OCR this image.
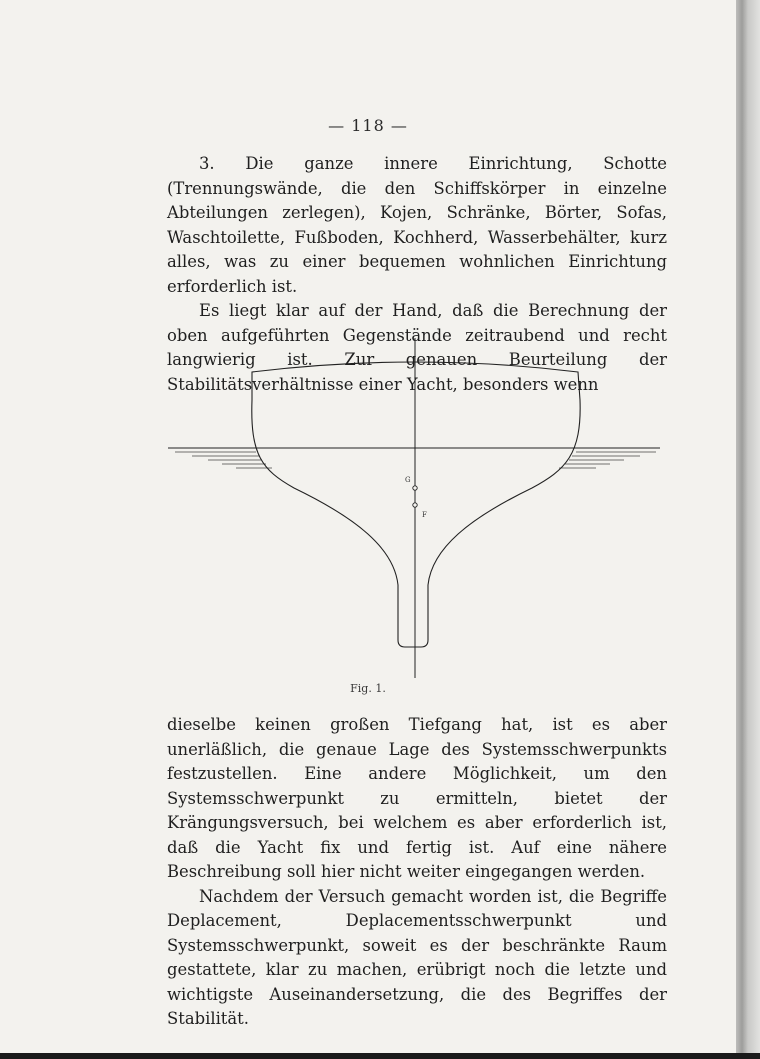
— 118 —

3. Die ganze innere Einrichtung, Schotte (Trennungswände, die den Schiffskörper in einzelne Abteilungen zerlegen), Kojen, Schränke, Börter, Sofas, Waschtoilette, Fußboden, Kochherd, Wasserbehälter, kurz alles, was zu einer bequemen wohnlichen Einrichtung erforderlich ist.

Es liegt klar auf der Hand, daß die Berechnung der oben aufgeführten Gegenstände zeitraubend und recht langwierig ist. Zur genauen Beurteilung der Stabilitätsverhältnisse einer Yacht, besonders wenn

G
F
Fig. 1.

dieselbe keinen großen Tiefgang hat, ist es aber unerläßlich, die genaue Lage des Systemsschwerpunkts festzustellen. Eine andere Möglichkeit, um den Systemsschwerpunkt zu ermitteln, bietet der Krängungsversuch, bei welchem es aber erforderlich ist, daß die Yacht fix und fertig ist. Auf eine nähere Beschreibung soll hier nicht weiter eingegangen werden.

Nachdem der Versuch gemacht worden ist, die Begriffe Deplacement, Deplacementsschwerpunkt und Systemsschwerpunkt, soweit es der beschränkte Raum gestattete, klar zu machen, erübrigt noch die letzte und wichtigste Auseinandersetzung, die des Begriffes der Stabilität.
